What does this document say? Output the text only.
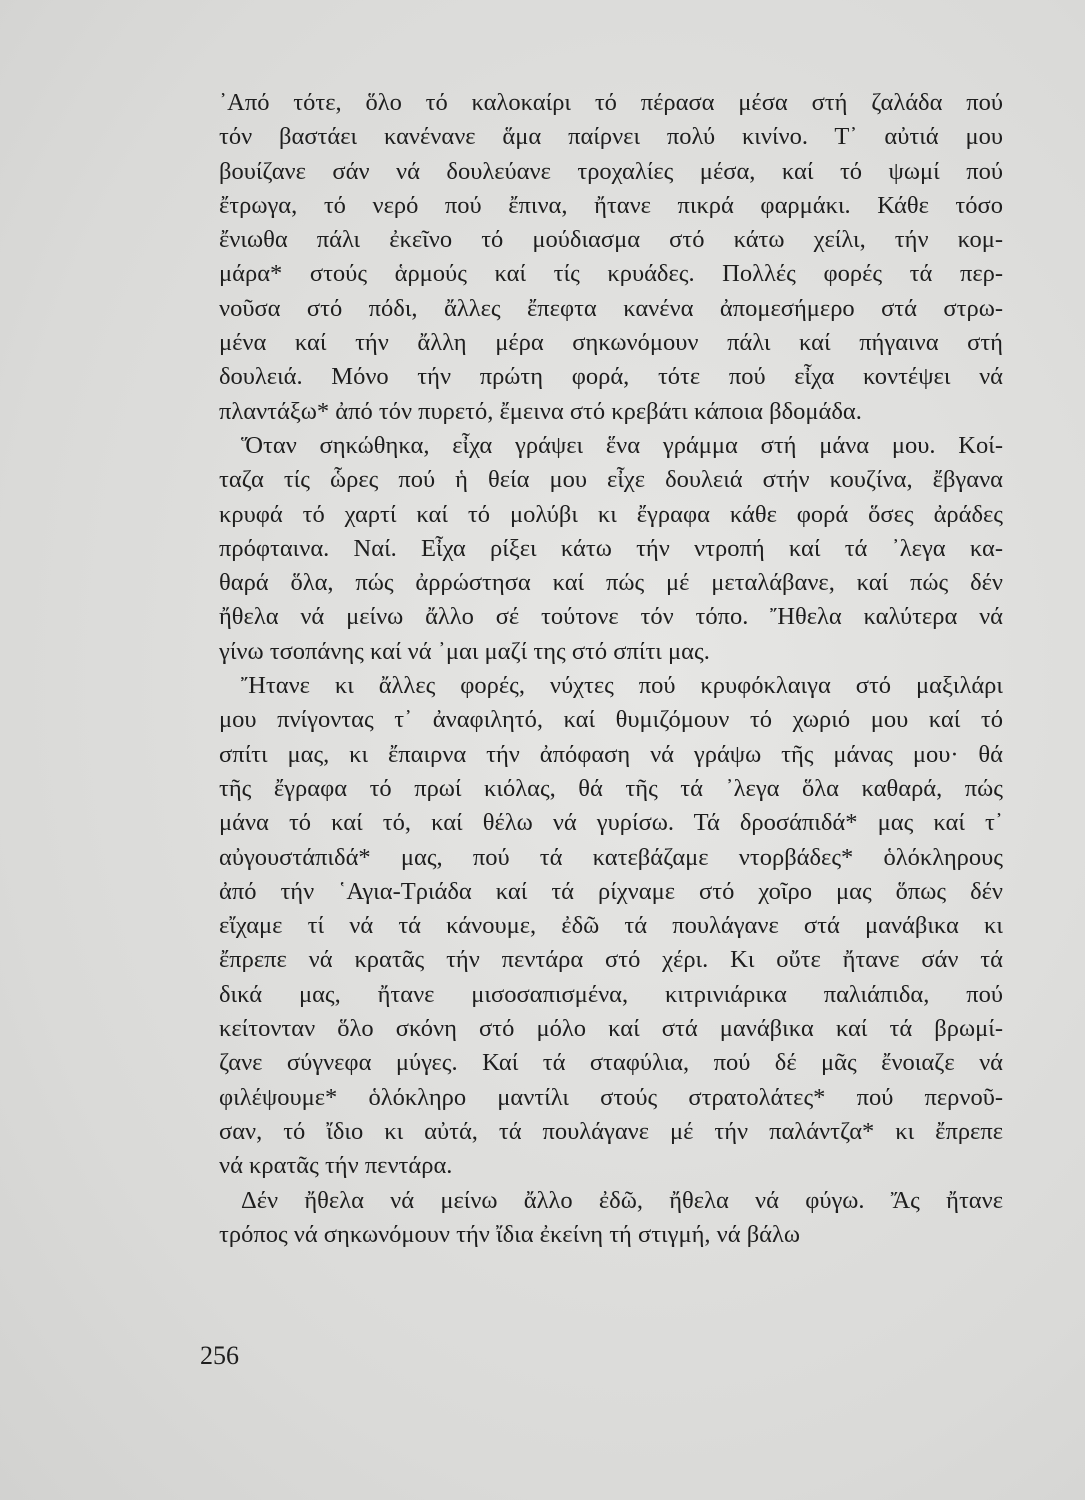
᾿Από τότε, ὅλο τό καλοκαίρι τό πέρασα μέσα στή ζαλάδα πού
τόν βαστάει κανένανε ἅμα παίρνει πολύ κινίνο. Τ᾿ αὐτιά μου
βουίζανε σάν νά δουλεύανε τροχαλίες μέσα, καί τό ψωμί πού
ἔτρωγα, τό νερό πού ἔπινα, ἤτανε πικρά φαρμάκι. Κάθε τόσο
ἔνιωθα πάλι ἐκεῖνο τό μούδιασμα στό κάτω χείλι, τήν κομ-
μάρα* στούς ἁρμούς καί τίς κρυάδες. Πολλές φορές τά περ-
νοῦσα στό πόδι, ἄλλες ἔπεφτα κανένα ἀπομεσήμερο στά στρω-
μένα καί τήν ἄλλη μέρα σηκωνόμουν πάλι καί πήγαινα στή
δουλειά. Μόνο τήν πρώτη φορά, τότε πού εἶχα κοντέψει νά
πλαντάξω* ἀπό τόν πυρετό, ἔμεινα στό κρεβάτι κάποια βδομάδα.
Ὅταν σηκώθηκα, εἶχα γράψει ἕνα γράμμα στή μάνα μου. Κοί-
ταζα τίς ὧρες πού ἡ θεία μου εἶχε δουλειά στήν κουζίνα, ἔβγανα
κρυφά τό χαρτί καί τό μολύβι κι ἔγραφα κάθε φορά ὅσες ἀράδες
πρόφταινα. Ναί. Εἶχα ρίξει κάτω τήν ντροπή καί τά ᾿λεγα κα-
θαρά ὅλα, πώς ἀρρώστησα καί πώς μέ μεταλάβανε, καί πώς δέν
ἤθελα νά μείνω ἄλλο σέ τούτονε τόν τόπο. Ἤθελα καλύτερα νά
γίνω τσοπάνης καί νά ᾿μαι μαζί της στό σπίτι μας.
Ἤτανε κι ἄλλες φορές, νύχτες πού κρυφόκλαιγα στό μαξιλάρι
μου πνίγοντας τ᾿ ἀναφιλητό, καί θυμιζόμουν τό χωριό μου καί τό
σπίτι μας, κι ἔπαιρνα τήν ἀπόφαση νά γράψω τῆς μάνας μου· θά
τῆς ἔγραφα τό πρωί κιόλας, θά τῆς τά ᾿λεγα ὅλα καθαρά, πώς
μάνα τό καί τό, καί θέλω νά γυρίσω. Τά δροσάπιδά* μας καί τ᾿
αὐγουστάπιδά* μας, πού τά κατεβάζαμε ντορβάδες* ὁλόκληρους
ἀπό τήν ῾Αγια-Τριάδα καί τά ρίχναμε στό χοῖρο μας ὅπως δέν
εἴχαμε τί νά τά κάνουμε, ἐδῶ τά πουλάγανε στά μανάβικα κι
ἔπρεπε νά κρατᾶς τήν πεντάρα στό χέρι. Κι οὔτε ἤτανε σάν τά
δικά μας, ἤτανε μισοσαπισμένα, κιτρινιάρικα παλιάπιδα, πού
κείτονταν ὅλο σκόνη στό μόλο καί στά μανάβικα καί τά βρωμί-
ζανε σύγνεφα μύγες. Καί τά σταφύλια, πού δέ μᾶς ἔνοιαζε νά
φιλέψουμε* ὁλόκληρο μαντίλι στούς στρατολάτες* πού περνοῦ-
σαν, τό ἴδιο κι αὐτά, τά πουλάγανε μέ τήν παλάντζα* κι ἔπρεπε
νά κρατᾶς τήν πεντάρα.
Δέν ἤθελα νά μείνω ἄλλο ἐδῶ, ἤθελα νά φύγω. Ἄς ἤτανε
τρόπος νά σηκωνόμουν τήν ἴδια ἐκείνη τή στιγμή, νά βάλω
256
